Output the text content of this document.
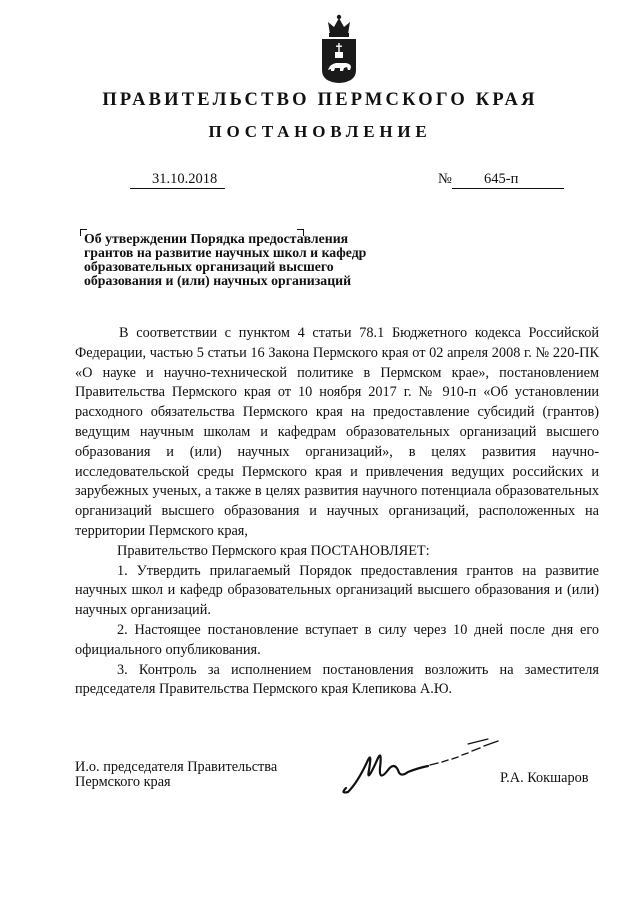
ПРАВИТЕЛЬСТВО ПЕРМСКОГО КРАЯ
ПОСТАНОВЛЕНИЕ
31.10.2018	№	645-п
Об утверждении Порядка предоставления
грантов на развитие научных школ и кафедр
образовательных организаций высшего
образования и (или) научных организаций

В соответствии с пунктом 4 статьи 78.1 Бюджетного кодекса Российской Федерации, частью 5 статьи 16 Закона Пермского края от 02 апреля 2008 г. № 220-ПК «О науке и научно-технической политике в Пермском крае», постановлением Правительства Пермского края от 10 ноября 2017 г. № 910-п «Об установлении расходного обязательства Пермского края на предоставление субсидий (грантов) ведущим научным школам и кафедрам образовательных организаций высшего образования и (или) научных организаций», в целях развития научно-исследовательской среды Пермского края и привлечения ведущих российских и зарубежных ученых, а также в целях развития научного потенциала образовательных организаций высшего образования и научных организаций, расположенных на территории Пермского края,

Правительство Пермского края ПОСТАНОВЛЯЕТ:

1. Утвердить прилагаемый Порядок предоставления грантов на развитие научных школ и кафедр образовательных организаций высшего образования и (или) научных организаций.

2. Настоящее постановление вступает в силу через 10 дней после дня его официального опубликования.

3. Контроль за исполнением постановления возложить на заместителя председателя Правительства Пермского края Клепикова А.Ю.

И.о. председателя Правительства
Пермского края	Р.А. Кокшаров
